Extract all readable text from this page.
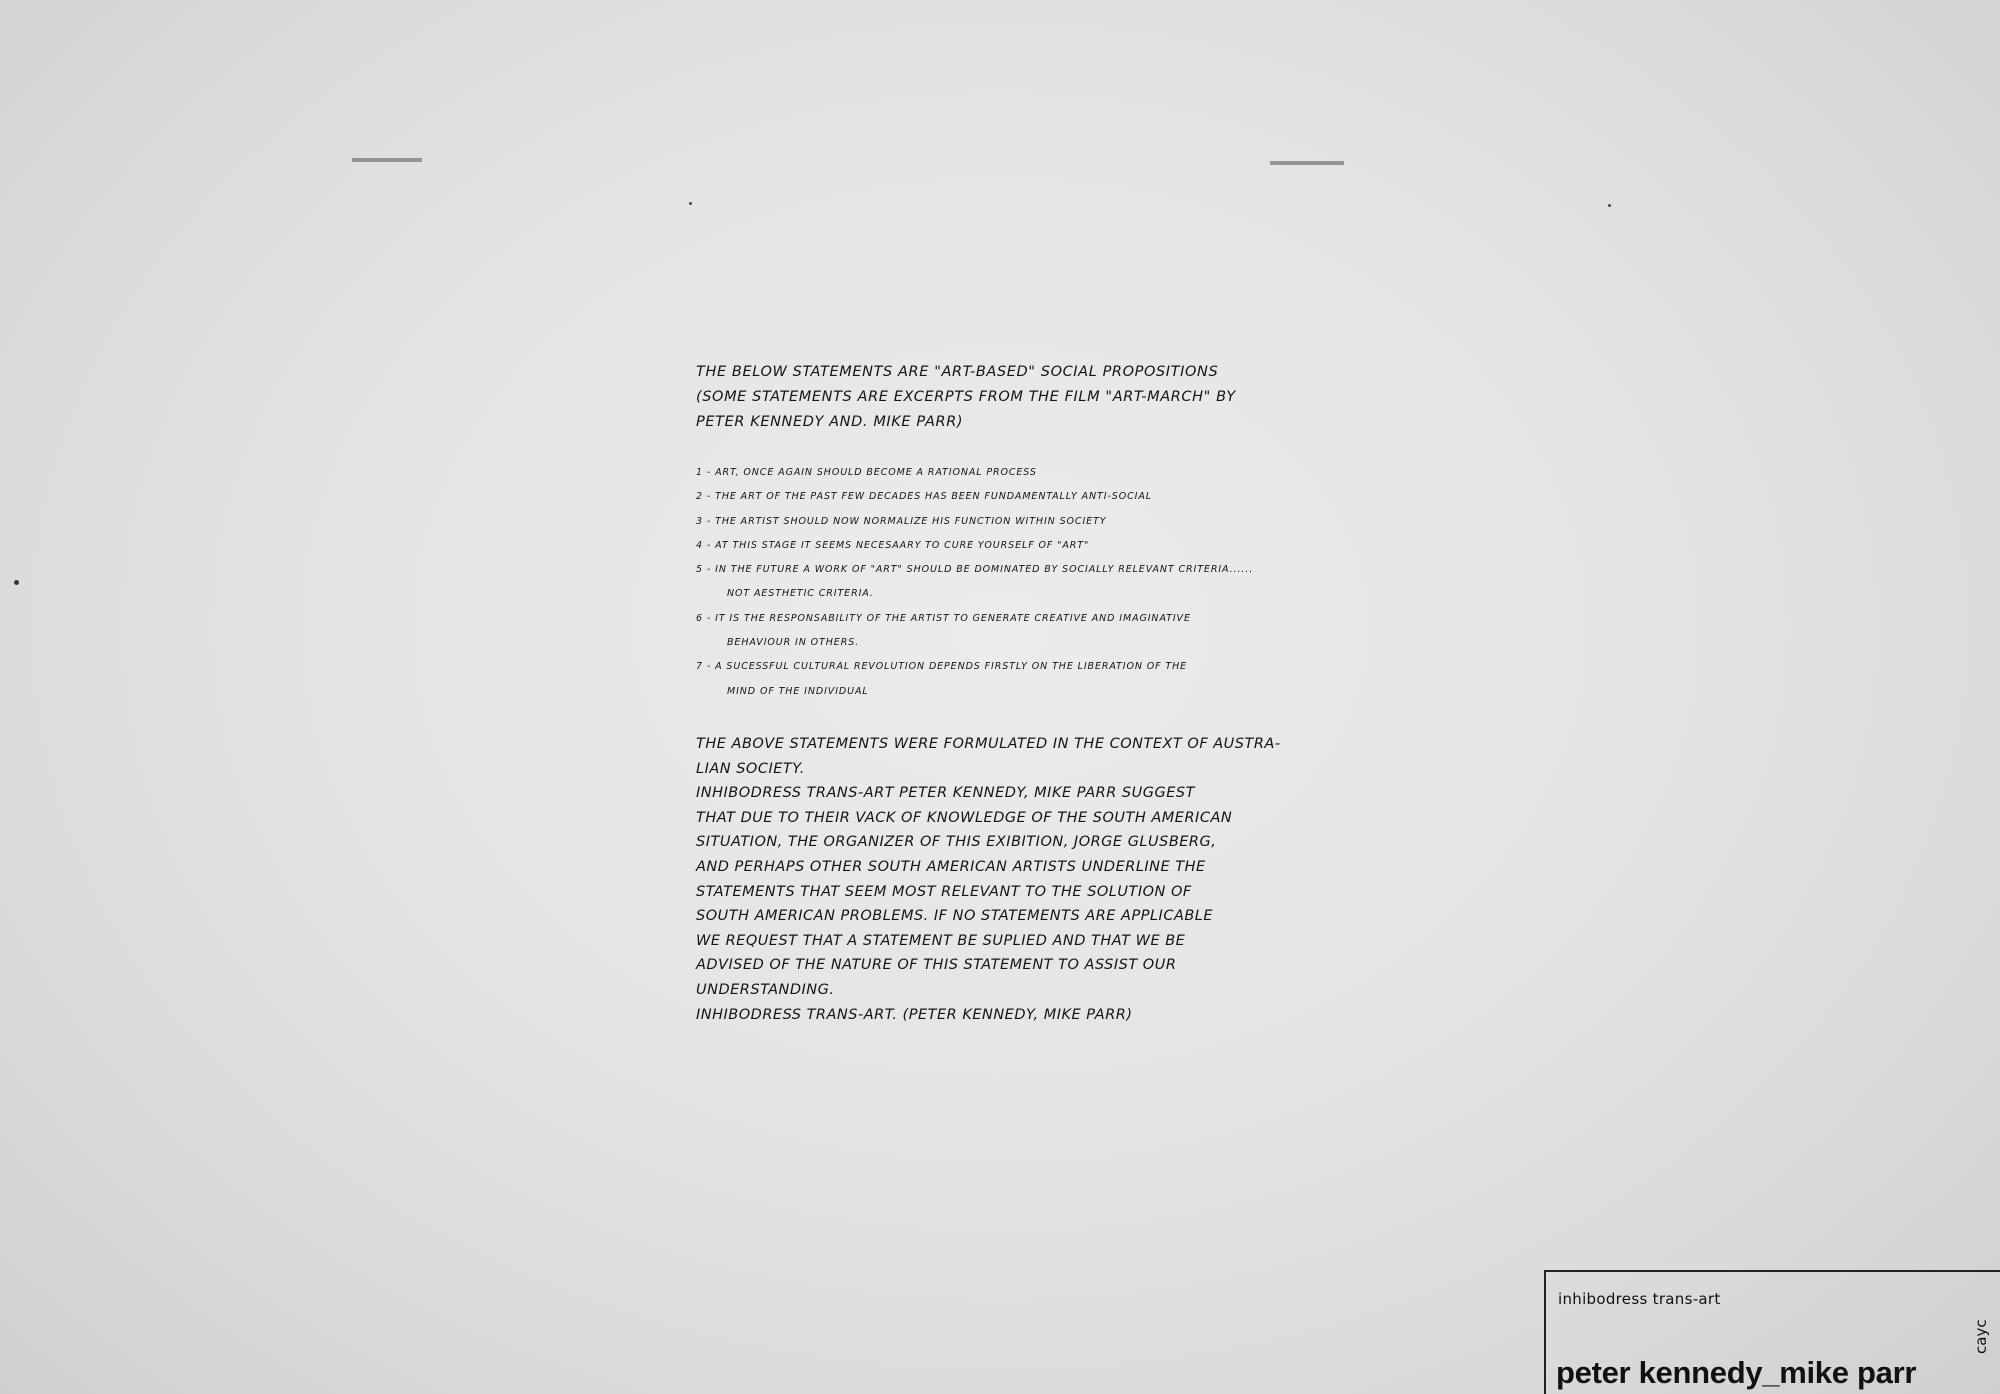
THE BELOW STATEMENTS ARE "ART-BASED" SOCIAL PROPOSITIONS
(SOME STATEMENTS ARE EXCERPTS FROM THE FILM "ART-MARCH" BY
PETER KENNEDY AND. MIKE PARR)
1 - ART, ONCE AGAIN SHOULD BECOME A RATIONAL PROCESS
2 - THE ART OF THE PAST FEW DECADES HAS BEEN FUNDAMENTALLY ANTI-SOCIAL
3 - THE ARTIST SHOULD NOW NORMALIZE HIS FUNCTION WITHIN SOCIETY
4 - AT THIS STAGE IT SEEMS NECESAARY TO CURE YOURSELF OF "ART"
5 - IN THE FUTURE A WORK OF "ART" SHOULD BE DOMINATED BY SOCIALLY RELEVANT CRITERIA......
NOT AESTHETIC CRITERIA.
6 - IT IS THE RESPONSABILITY OF THE ARTIST TO GENERATE CREATIVE AND IMAGINATIVE
BEHAVIOUR IN OTHERS.
7 - A SUCESSFUL CULTURAL REVOLUTION DEPENDS FIRSTLY ON THE LIBERATION OF THE
MIND OF THE INDIVIDUAL
THE ABOVE STATEMENTS WERE FORMULATED IN THE CONTEXT OF AUSTRA-
LIAN SOCIETY.
INHIBODRESS TRANS-ART PETER KENNEDY, MIKE PARR SUGGEST
THAT DUE TO THEIR VACK OF KNOWLEDGE OF THE SOUTH AMERICAN
SITUATION, THE ORGANIZER OF THIS EXIBITION, JORGE GLUSBERG,
AND PERHAPS OTHER SOUTH AMERICAN ARTISTS UNDERLINE THE
STATEMENTS THAT SEEM MOST RELEVANT TO THE SOLUTION OF
SOUTH AMERICAN PROBLEMS. IF NO STATEMENTS ARE APPLICABLE
WE REQUEST THAT A STATEMENT BE SUPLIED AND THAT WE BE
ADVISED OF THE NATURE OF THIS STATEMENT TO ASSIST OUR
UNDERSTANDING.
INHIBODRESS TRANS-ART. (PETER KENNEDY, MIKE PARR)
inhibodress trans-art
peter kennedy_mike parr
cayc
